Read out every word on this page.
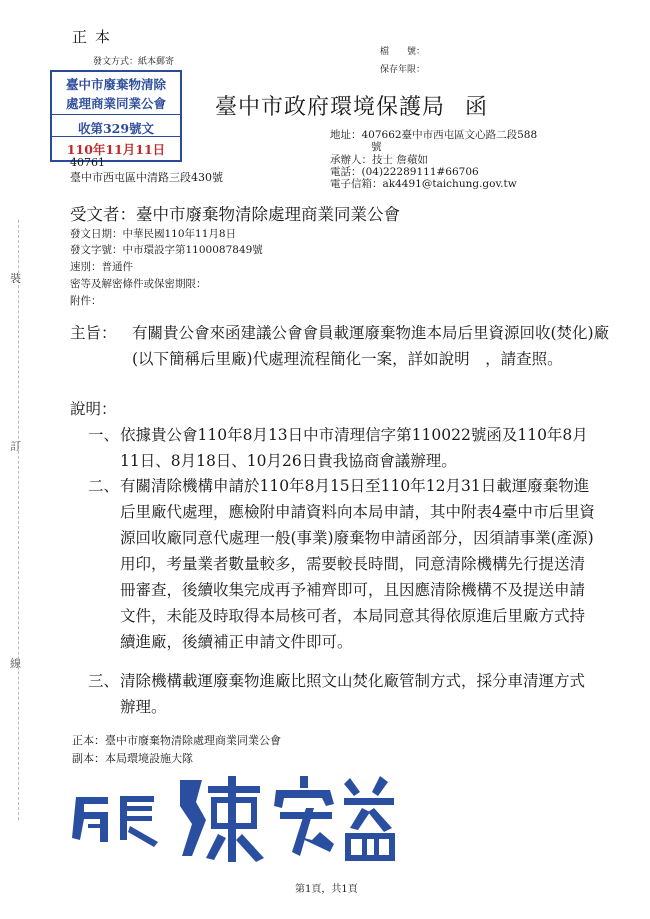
裝
訂
線
正本
發文方式：紙本郵寄
檔　　號：
保存年限：
臺中市廢棄物清除
處理商業同業公會
收第329號文
110年11月11日
臺中市政府環境保護局 函
地址：407662臺中市西屯區文心路二段588
號
承辦人：技士 詹蘋如
電話：(04)22289111#66706
電子信箱：ak4491@taichung.gov.tw
40761
臺中市西屯區中清路三段430號
受文者：臺中市廢棄物清除處理商業同業公會
發文日期：中華民國110年11月8日
發文字號：中市環設字第1100087849號
速別：普通件
密等及解密條件或保密期限：
附件：
主旨： 有關貴公會來函建議公會會員載運廢棄物進本局后里資源回收(焚化)廠(以下簡稱后里廠)代處理流程簡化一案，詳如說明　，請查照。
說明：
一、 依據貴公會110年8月13日中市清理信字第110022號函及110年8月11日、8月18日、10月26日貴我協商會議辦理。
二、 有關清除機構申請於110年8月15日至110年12月31日載運廢棄物進后里廠代處理，應檢附申請資料向本局申請，其中附表4臺中市后里資源回收廠同意代處理一般(事業)廢棄物申請函部分，因須請事業(產源)用印，考量業者數量較多，需要較長時間，同意清除機構先行提送清冊審查，後續收集完成再予補齊即可，且因應清除機構不及提送申請文件，未能及時取得本局核可者，本局同意其得依原進后里廠方式持續進廠，後續補正申請文件即可。
三、 清除機構載運廢棄物進廠比照文山焚化廠管制方式，採分車清運方式辦理。
正本：臺中市廢棄物清除處理商業同業公會
副本：本局環境設施大隊
第1頁，共1頁
